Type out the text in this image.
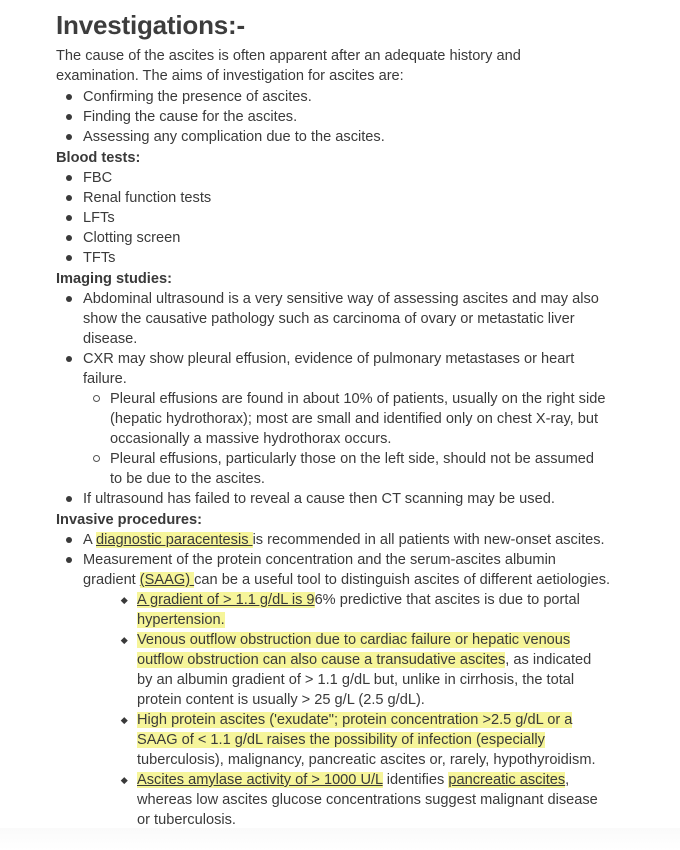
Investigations:-
The cause of the ascites is often apparent after an adequate history and
examination. The aims of investigation for ascites are:
Confirming the presence of ascites.
Finding the cause for the ascites.
Assessing any complication due to the ascites.
Blood tests:
FBC
Renal function tests
LFTs
Clotting screen
TFTs
Imaging studies:
Abdominal ultrasound is a very sensitive way of assessing ascites and may also
show the causative pathology such as carcinoma of ovary or metastatic liver
disease.
CXR may show pleural effusion, evidence of pulmonary metastases or heart
failure.
Pleural effusions are found in about 10% of patients, usually on the right side
(hepatic hydrothorax); most are small and identified only on chest X-ray, but
occasionally a massive hydrothorax occurs.
Pleural effusions, particularly those on the left side, should not be assumed
to be due to the ascites.
If ultrasound has failed to reveal a cause then CT scanning may be used.
Invasive procedures:
A diagnostic paracentesis is recommended in all patients with new-onset ascites.
Measurement of the protein concentration and the serum-ascites albumin
gradient (SAAG) can be a useful tool to distinguish ascites of different aetiologies.
A gradient of > 1.1 g/dL is 96% predictive that ascites is due to portal
hypertension.
Venous outflow obstruction due to cardiac failure or hepatic venous
outflow obstruction can also cause a transudative ascites, as indicated
by an albumin gradient of > 1.1 g/dL but, unlike in cirrhosis, the total
protein content is usually > 25 g/L (2.5 g/dL).
High protein ascites ('exudate"; protein concentration >2.5 g/dL or a
SAAG of < 1.1 g/dL raises the possibility of infection (especially
tuberculosis), malignancy, pancreatic ascites or, rarely, hypothyroidism.
Ascites amylase activity of > 1000 U/L identifies pancreatic ascites,
whereas low ascites glucose concentrations suggest malignant disease
or tuberculosis.
